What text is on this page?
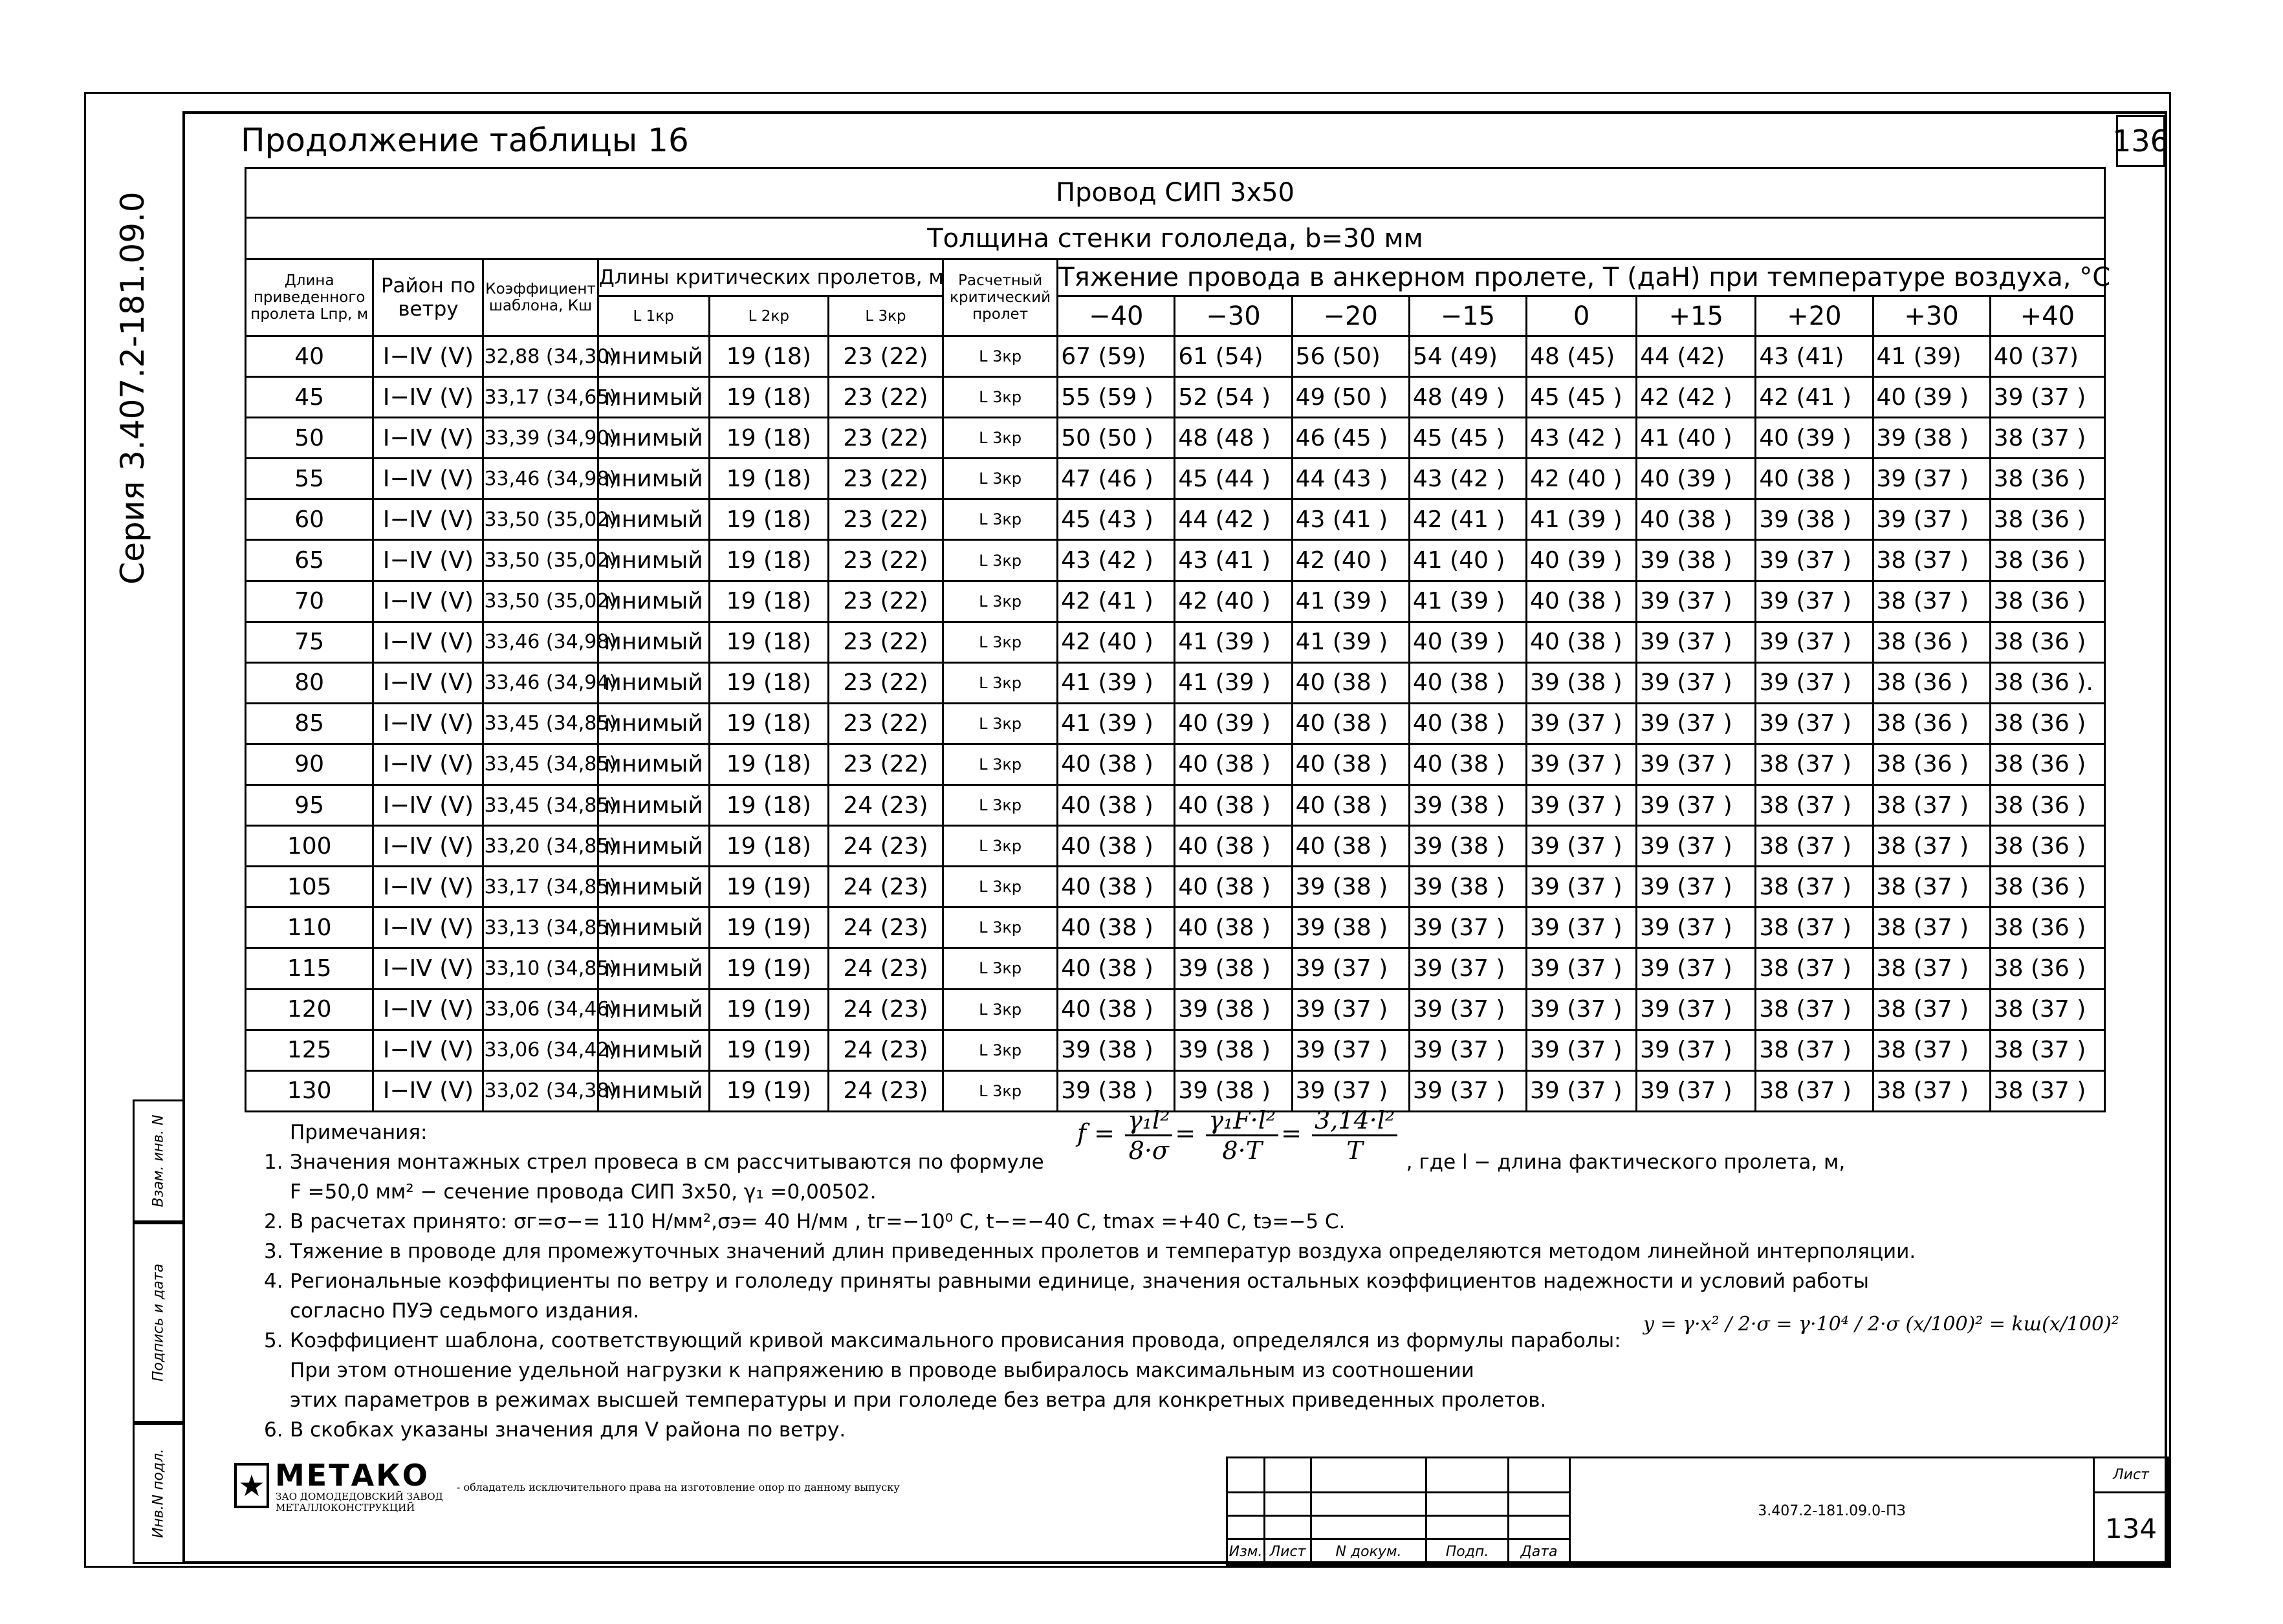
Серия 3.407.2-181.09.0
Взам. инв. N
Подпись и дата
Инв.N подл.
Продолжение таблицы 16	136
Провод СИП 3х50															
Толщина стенки гололеда, b=30 мм															
Длина приведенного пролета Lпр, м	Район по ветру	Коэффициент шаблона, Кш	Длины критических пролетов, м			Расчетный критический пролет	Тяжение провода в анкерном пролете, Т (даН) при температуре воздуха, °С								
			L 1кр	L 2кр	L 3кр		−40	−30	−20	−15	0	+15	+20	+30	+40
40	I−IV (V)	32,88 (34,30)	мнимый	19 (18)	23 (22)	L 3кр	67 (59)	61 (54)	56 (50)	54 (49)	48 (45)	44 (42)	43 (41)	41 (39)	40 (37)
45	I−IV (V)	33,17 (34,65)	мнимый	19 (18)	23 (22)	L 3кр	55 (59 )	52 (54 )	49 (50 )	48 (49 )	45 (45 )	42 (42 )	42 (41 )	40 (39 )	39 (37 )
50	I−IV (V)	33,39 (34,90)	мнимый	19 (18)	23 (22)	L 3кр	50 (50 )	48 (48 )	46 (45 )	45 (45 )	43 (42 )	41 (40 )	40 (39 )	39 (38 )	38 (37 )
55	I−IV (V)	33,46 (34,98)	мнимый	19 (18)	23 (22)	L 3кр	47 (46 )	45 (44 )	44 (43 )	43 (42 )	42 (40 )	40 (39 )	40 (38 )	39 (37 )	38 (36 )
60	I−IV (V)	33,50 (35,02)	мнимый	19 (18)	23 (22)	L 3кр	45 (43 )	44 (42 )	43 (41 )	42 (41 )	41 (39 )	40 (38 )	39 (38 )	39 (37 )	38 (36 )
65	I−IV (V)	33,50 (35,02)	мнимый	19 (18)	23 (22)	L 3кр	43 (42 )	43 (41 )	42 (40 )	41 (40 )	40 (39 )	39 (38 )	39 (37 )	38 (37 )	38 (36 )
70	I−IV (V)	33,50 (35,02)	мнимый	19 (18)	23 (22)	L 3кр	42 (41 )	42 (40 )	41 (39 )	41 (39 )	40 (38 )	39 (37 )	39 (37 )	38 (37 )	38 (36 )
75	I−IV (V)	33,46 (34,98)	мнимый	19 (18)	23 (22)	L 3кр	42 (40 )	41 (39 )	41 (39 )	40 (39 )	40 (38 )	39 (37 )	39 (37 )	38 (36 )	38 (36 )
80	I−IV (V)	33,46 (34,94)	мнимый	19 (18)	23 (22)	L 3кр	41 (39 )	41 (39 )	40 (38 )	40 (38 )	39 (38 )	39 (37 )	39 (37 )	38 (36 )	38 (36 ).
85	I−IV (V)	33,45 (34,85)	мнимый	19 (18)	23 (22)	L 3кр	41 (39 )	40 (39 )	40 (38 )	40 (38 )	39 (37 )	39 (37 )	39 (37 )	38 (36 )	38 (36 )
90	I−IV (V)	33,45 (34,85)	мнимый	19 (18)	23 (22)	L 3кр	40 (38 )	40 (38 )	40 (38 )	40 (38 )	39 (37 )	39 (37 )	38 (37 )	38 (36 )	38 (36 )
95	I−IV (V)	33,45 (34,85)	мнимый	19 (18)	24 (23)	L 3кр	40 (38 )	40 (38 )	40 (38 )	39 (38 )	39 (37 )	39 (37 )	38 (37 )	38 (37 )	38 (36 )
100	I−IV (V)	33,20 (34,85)	мнимый	19 (18)	24 (23)	L 3кр	40 (38 )	40 (38 )	40 (38 )	39 (38 )	39 (37 )	39 (37 )	38 (37 )	38 (37 )	38 (36 )
105	I−IV (V)	33,17 (34,85)	мнимый	19 (19)	24 (23)	L 3кр	40 (38 )	40 (38 )	39 (38 )	39 (38 )	39 (37 )	39 (37 )	38 (37 )	38 (37 )	38 (36 )
110	I−IV (V)	33,13 (34,85)	мнимый	19 (19)	24 (23)	L 3кр	40 (38 )	40 (38 )	39 (38 )	39 (37 )	39 (37 )	39 (37 )	38 (37 )	38 (37 )	38 (36 )
115	I−IV (V)	33,10 (34,85)	мнимый	19 (19)	24 (23)	L 3кр	40 (38 )	39 (38 )	39 (37 )	39 (37 )	39 (37 )	39 (37 )	38 (37 )	38 (37 )	38 (36 )
120	I−IV (V)	33,06 (34,46)	мнимый	19 (19)	24 (23)	L 3кр	40 (38 )	39 (38 )	39 (37 )	39 (37 )	39 (37 )	39 (37 )	38 (37 )	38 (37 )	38 (37 )
125	I−IV (V)	33,06 (34,42)	мнимый	19 (19)	24 (23)	L 3кр	39 (38 )	39 (38 )	39 (37 )	39 (37 )	39 (37 )	39 (37 )	38 (37 )	38 (37 )	38 (37 )
130	I−IV (V)	33,02 (34,38)	мнимый	19 (19)	24 (23)	L 3кр	39 (38 )	39 (38 )	39 (37 )	39 (37 )	39 (37 )	39 (37 )	38 (37 )	38 (37 )	38 (37 )
Примечания:
1. Значения монтажных стрел провеса в см рассчитываются по формуле	, где l − длина фактического пролета, м,
F =50,0 мм² − сечение провода СИП 3х50, γ₁ =0,00502.
2. В расчетах принято: σг=σ−= 110 Н/мм²,σэ= 40 Н/мм , tг=−10⁰ С, t−=−40 С, tmax =+40 С, tэ=−5 С.
3. Тяжение в проводе для промежуточных значений длин приведенных пролетов и температур воздуха определяются методом линейной интерполяции.
4. Региональные коэффициенты по ветру и гололеду приняты равными единице, значения остальных коэффициентов надежности и условий работы
согласно ПУЭ седьмого издания.
5. Коэффициент шаблона, соответствующий кривой максимального провисания провода, определялся из формулы параболы:
При этом отношение удельной нагрузки к напряжению в проводе выбиралось максимальным из соотношении
этих параметров в режимах высшей температуры и при гололеде без ветра для конкретных приведенных пролетов.
6. В скобках указаны значения для V района по ветру.
$f = \frac{\text{γ₁l²}}{8\cdot\sigma} = \frac{\text{γ₁F·l²}}{8\cdot T} = \frac{\text{3,14·l²}}{T}$
y = γ·x² / 2·σ = γ·10⁴ / 2·σ (x/100)² = kш(x/100)²
★ МЕТАКО
ЗАО ДОМОДЕДОВСКИЙ ЗАВОД
МЕТАЛЛОКОНСТРУКЦИЙ
- обладатель исключительного права на изготовление опор по данному выпуску
					3.407.2-181.09.0-ПЗ	Лист
						134

Изм.	Лист	N докум.	Подп.	Дата		
